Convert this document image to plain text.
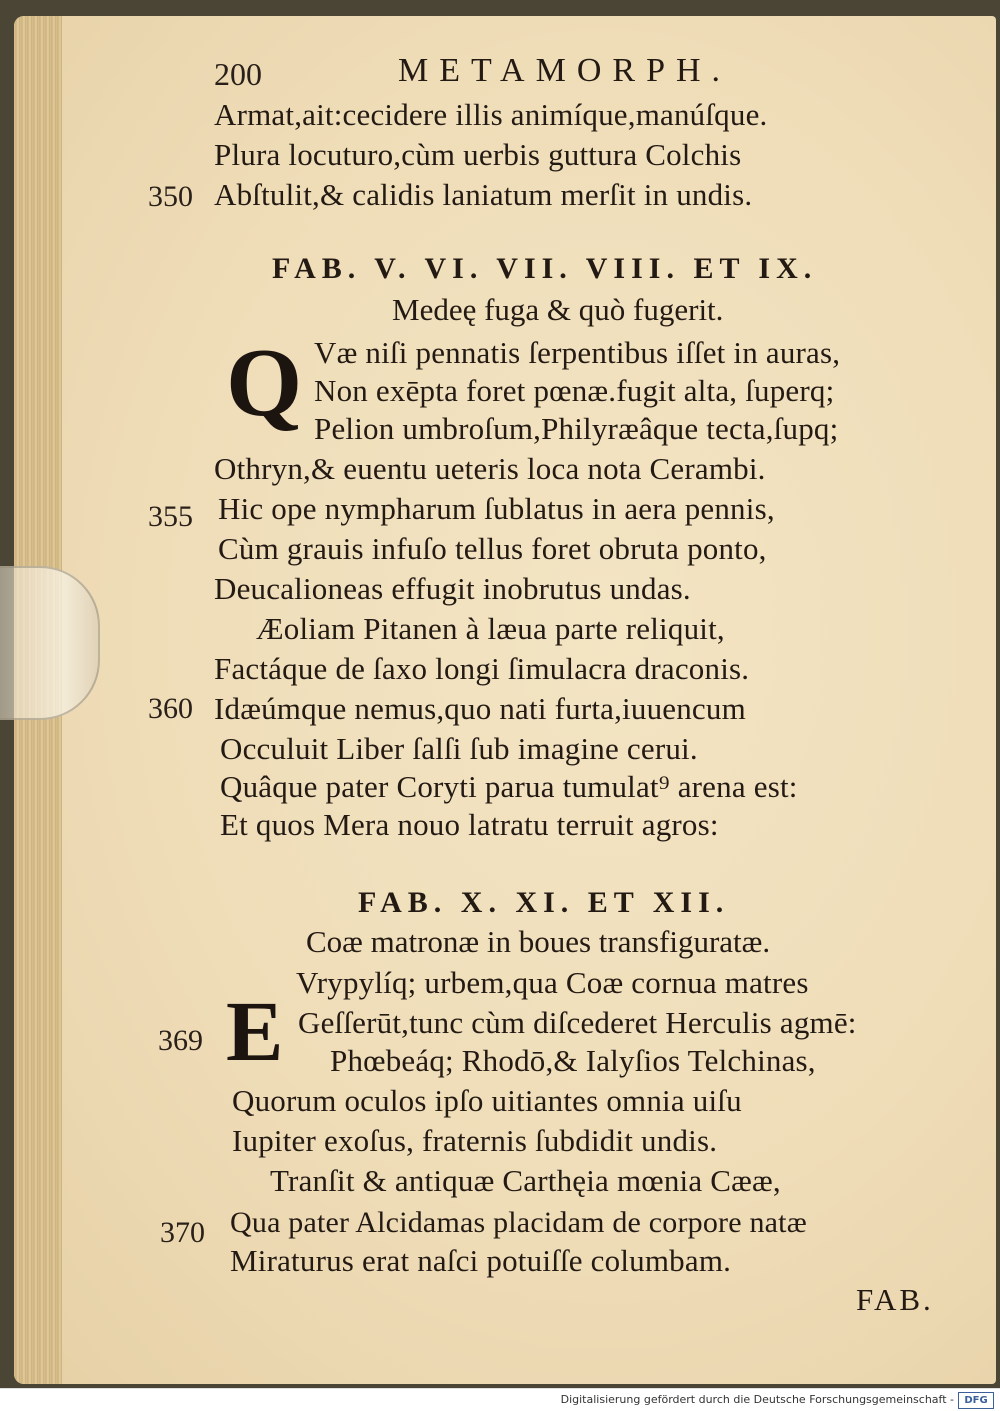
200	METAMORPH.
Armat,ait:cecidere illis animíque,manúſque.
Plura locuturo,cùm uerbis guttura Colchis
350 Abſtulit,& calidis laniatum merſit in undis.
FAB. V. VI. VII. VIII. ET IX.
Medeę fuga & quò fugerit.
Q Væ niſi pennatis ſerpentibus iſſet in auras,
Non exēpta foret pœnæ.fugit alta, ſuperq;
Pelion umbroſum,Philyræâque tecta,ſupq;
Othryn,& euentu ueteris loca nota Cerambi.
355 Hic ope nympharum ſublatus in aera pennis,
Cùm grauis infuſo tellus foret obruta ponto,
Deucalioneas effugit inobrutus undas.
Æoliam Pitanen à læua parte reliquit,
Factáque de ſaxo longi ſimulacra draconis.
360 Idæúmque nemus,quo nati furta,iuuencum
Occuluit Liber ſalſi ſub imagine cerui.
Quâque pater Coryti parua tumulat⁹ arena est:
Et quos Mera nouo latratu terruit agros:
FAB. X. XI. ET XII.
Coæ matronæ in boues transfiguratæ.
Vrypylíq; urbem,qua Coæ cornua matres
369 E Geſſerūt,tunc cùm diſcederet Herculis agmē:
Phœbeáq; Rhodō,& Ialyſios Telchinas,
Quorum oculos ipſo uitiantes omnia uiſu
Iupiter exoſus, fraternis ſubdidit undis.
Tranſit & antiquæ Carthęia mœnia Cææ,
370 Qua pater Alcidamas placidam de corpore natæ
Miraturus erat naſci potuiſſe columbam.
FAB.
Digitalisierung gefördert durch die Deutsche Forschungsgemeinschaft -	DFG
